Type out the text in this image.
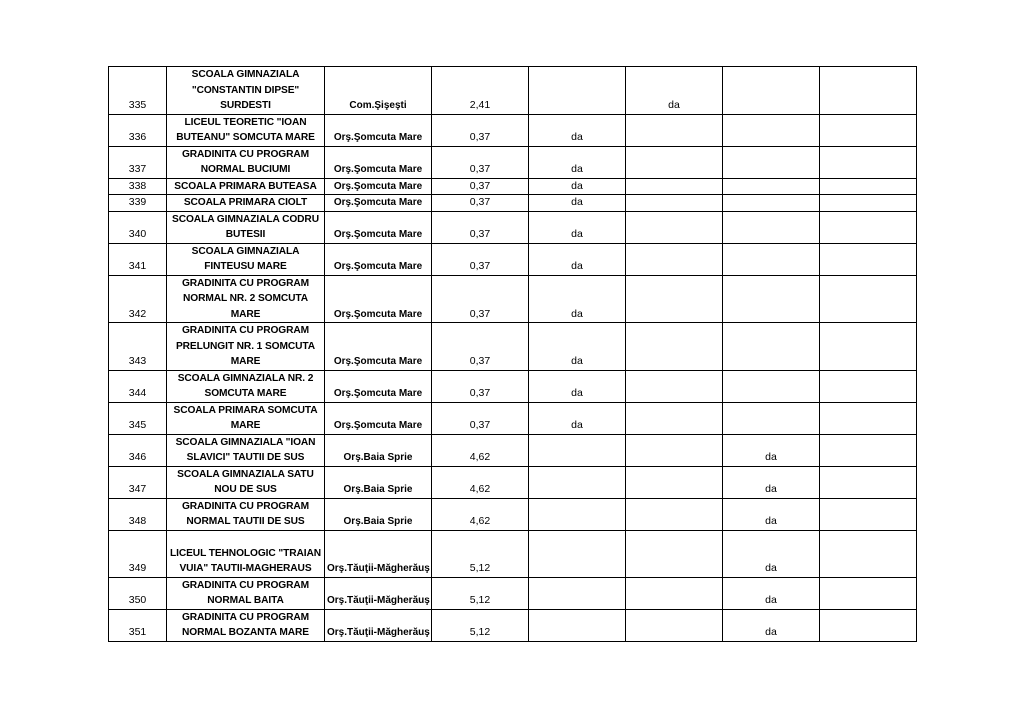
335	SCOALA GIMNAZIALA
"CONSTANTIN DIPSE"
SURDESTI	Com.Şişeşti	2,41		da		
336	LICEUL TEORETIC "IOAN
BUTEANU" SOMCUTA MARE	Orş.Şomcuta Mare	0,37	da			
337	GRADINITA CU PROGRAM
NORMAL BUCIUMI	Orş.Şomcuta Mare	0,37	da			
338	SCOALA PRIMARA BUTEASA	Orş.Şomcuta Mare	0,37	da			
339	SCOALA PRIMARA CIOLT	Orş.Şomcuta Mare	0,37	da			
340	SCOALA GIMNAZIALA CODRU
BUTESII	Orş.Şomcuta Mare	0,37	da			
341	SCOALA GIMNAZIALA
FINTEUSU MARE	Orş.Şomcuta Mare	0,37	da			
342	GRADINITA CU PROGRAM
NORMAL NR. 2 SOMCUTA
MARE	Orş.Şomcuta Mare	0,37	da			
343	GRADINITA CU PROGRAM
PRELUNGIT NR. 1 SOMCUTA
MARE	Orş.Şomcuta Mare	0,37	da			
344	SCOALA GIMNAZIALA NR. 2
SOMCUTA MARE	Orş.Şomcuta Mare	0,37	da			
345	SCOALA PRIMARA SOMCUTA
MARE	Orş.Şomcuta Mare	0,37	da			
346	SCOALA GIMNAZIALA "IOAN
SLAVICI" TAUTII DE SUS	Orş.Baia Sprie	4,62			da	
347	SCOALA GIMNAZIALA SATU
NOU DE SUS	Orş.Baia Sprie	4,62			da	
348	GRADINITA CU PROGRAM
NORMAL TAUTII DE SUS	Orş.Baia Sprie	4,62			da	
349	LICEUL TEHNOLOGIC "TRAIAN
VUIA" TAUTII-MAGHERAUS	Orş.Tăuţii-Măgherăuş	5,12			da	
350	GRADINITA CU PROGRAM
NORMAL BAITA	Orş.Tăuţii-Măgherăuş	5,12			da	
351	GRADINITA CU PROGRAM
NORMAL BOZANTA MARE	Orş.Tăuţii-Măgherăuş	5,12			da	
